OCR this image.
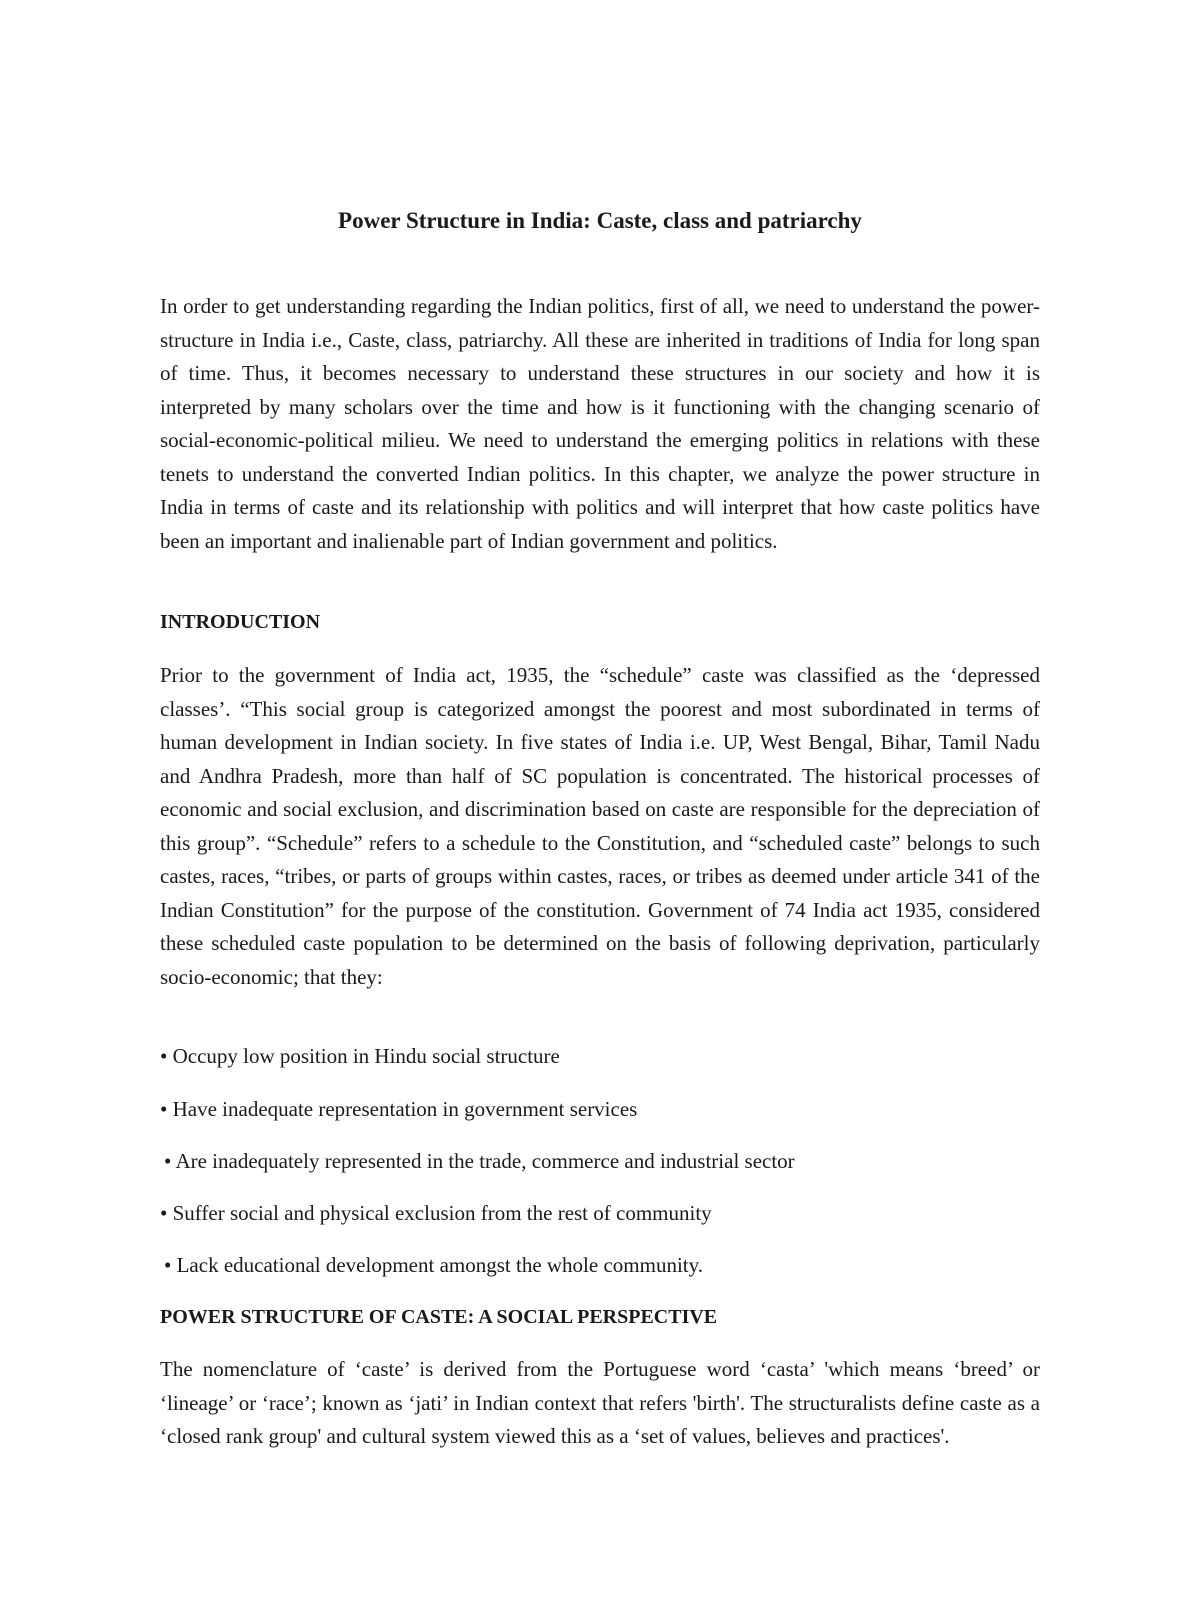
Power Structure in India: Caste, class and patriarchy

In order to get understanding regarding the Indian politics, first of all, we need to understand the power-structure in India i.e., Caste, class, patriarchy. All these are inherited in traditions of India for long span of time. Thus, it becomes necessary to understand these structures in our society and how it is interpreted by many scholars over the time and how is it functioning with the changing scenario of social-economic-political milieu. We need to understand the emerging politics in relations with these tenets to understand the converted Indian politics. In this chapter, we analyze the power structure in India in terms of caste and its relationship with politics and will interpret that how caste politics have been an important and inalienable part of Indian government and politics.

INTRODUCTION

Prior to the government of India act, 1935, the “schedule” caste was classified as the ‘depressed classes’. “This social group is categorized amongst the poorest and most subordinated in terms of human development in Indian society. In five states of India i.e. UP, West Bengal, Bihar, Tamil Nadu and Andhra Pradesh, more than half of SC population is concentrated. The historical processes of economic and social exclusion, and discrimination based on caste are responsible for the depreciation of this group”. “Schedule” refers to a schedule to the Constitution, and “scheduled caste” belongs to such castes, races, “tribes, or parts of groups within castes, races, or tribes as deemed under article 341 of the Indian Constitution” for the purpose of the constitution. Government of 74 India act 1935, considered these scheduled caste population to be determined on the basis of following deprivation, particularly socio-economic; that they:

• Occupy low position in Hindu social structure

• Have inadequate representation in government services

• Are inadequately represented in the trade, commerce and industrial sector

• Suffer social and physical exclusion from the rest of community

• Lack educational development amongst the whole community.

POWER STRUCTURE OF CASTE: A SOCIAL PERSPECTIVE

The nomenclature of ‘caste’ is derived from the Portuguese word ‘casta’ 'which means ‘breed’ or ‘lineage’ or ‘race’; known as ‘jati’ in Indian context that refers 'birth'. The structuralists define caste as a ‘closed rank group' and cultural system viewed this as a ‘set of values, believes and practices'.
